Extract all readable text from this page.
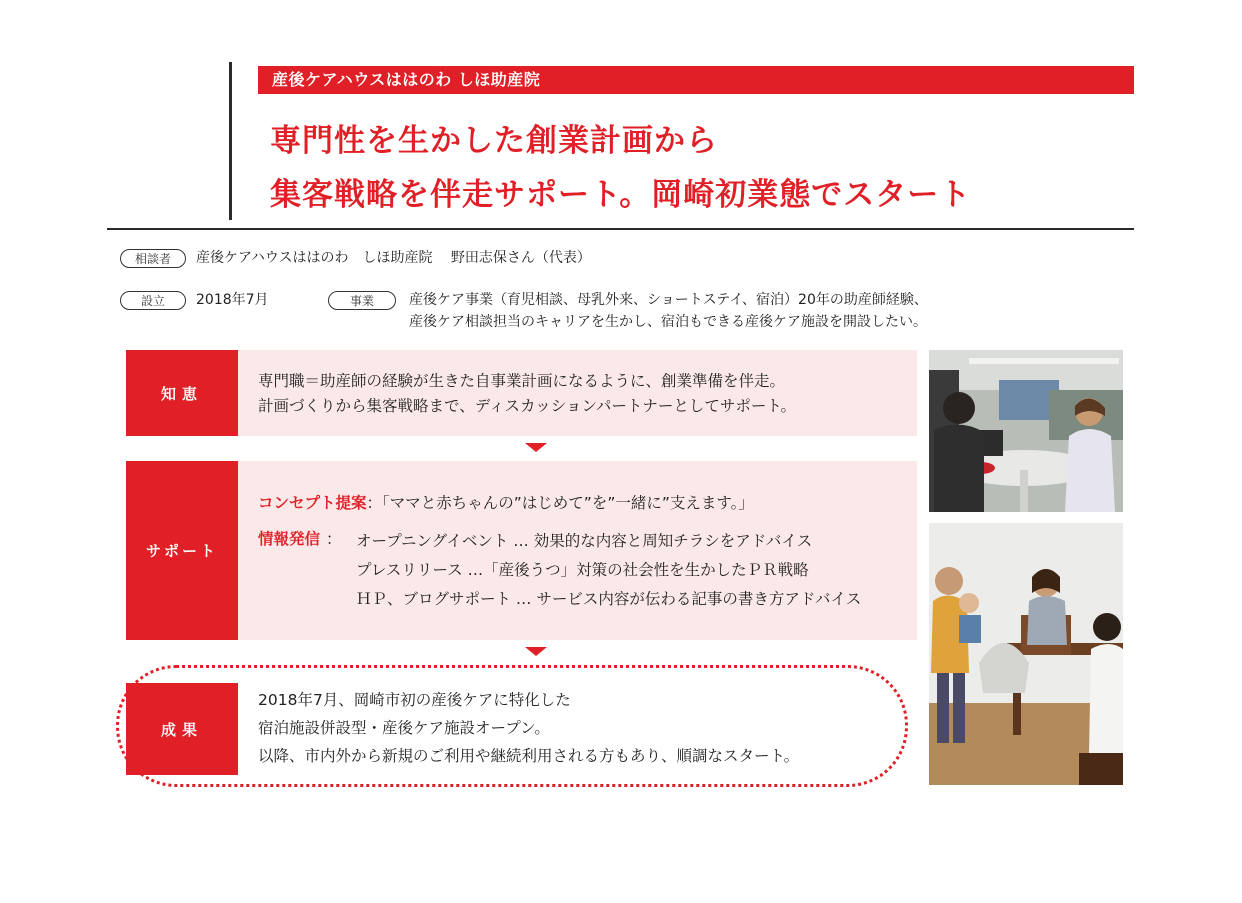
産後ケアハウスははのわ しほ助産院
専門性を生かした創業計画から
集客戦略を伴走サポート。岡崎初業態でスタート
相談者	産後ケアハウスははのわ　しほ助産院　 野田志保さん（代表）
設立	2018年7月	事業	産後ケア事業（育児相談、母乳外来、ショートステイ、宿泊）20年の助産師経験、
産後ケア相談担当のキャリアを生かし、宿泊もできる産後ケア施設を開設したい。
知恵
専門職＝助産師の経験が生きた自事業計画になるように、創業準備を伴走。
計画づくりから集客戦略まで、ディスカッションパートナーとしてサポート。
サポート
コンセプト提案：「ママと赤ちゃんの”はじめて”を”一緒に”支えます。」
情報発信 ： オープニングイベント … 効果的な内容と周知チラシをアドバイス
プレスリリース …「産後うつ」対策の社会性を生かしたＰＲ戦略
ＨＰ、ブログサポート … サービス内容が伝わる記事の書き方アドバイス
成果
2018年7月、岡崎市初の産後ケアに特化した
宿泊施設併設型・産後ケア施設オープン。
以降、市内外から新規のご利用や継続利用される方もあり、順調なスタート。
